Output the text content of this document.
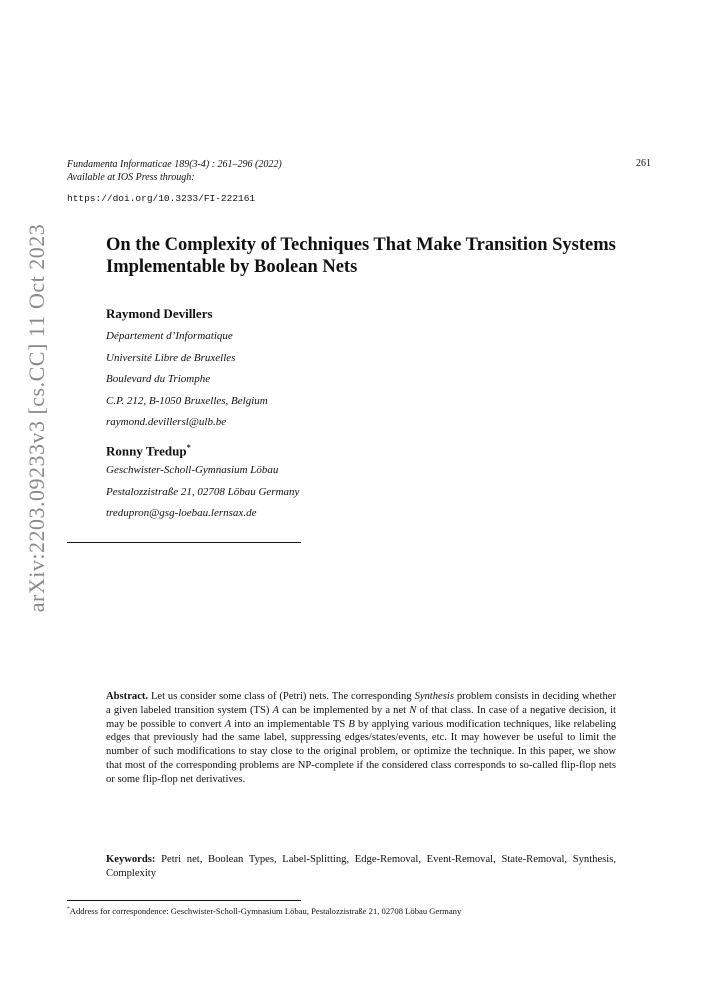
Fundamenta Informaticae 189(3-4) : 261–296 (2022)
Available at IOS Press through:
https://doi.org/10.3233/FI-222161
261
arXiv:2203.09233v3 [cs.CC] 11 Oct 2023	On the Complexity of Techniques That Make Transition Systems
Implementable by Boolean Nets
Raymond Devillers
Département d’Informatique
Université Libre de Bruxelles
Boulevard du Triomphe
C.P. 212, B-1050 Bruxelles, Belgium
raymond.devillersl@ulb.be
Ronny Tredup*
Geschwister-Scholl-Gymnasium Löbau
Pestalozzistraße 21, 02708 Löbau Germany
tredupron@gsg-loebau.lernsax.de
Abstract. Let us consider some class of (Petri) nets. The corresponding Synthesis problem consists in deciding whether a given labeled transition system (TS) A can be implemented by a net N of that class. In case of a negative decision, it may be possible to convert A into an implementable TS B by applying various modification techniques, like relabeling edges that previously had the same label, suppressing edges/states/events, etc. It may however be useful to limit the number of such modifications to stay close to the original problem, or optimize the technique. In this paper, we show that most of the corresponding problems are NP-complete if the considered class corresponds to so-called flip-flop nets or some flip-flop net derivatives.
Keywords: Petri net, Boolean Types, Label-Splitting, Edge-Removal, Event-Removal, State-Removal, Synthesis, Complexity
*Address for correspondence: Geschwister-Scholl-Gymnasium Löbau, Pestalozzistraße 21, 02708 Löbau Germany
